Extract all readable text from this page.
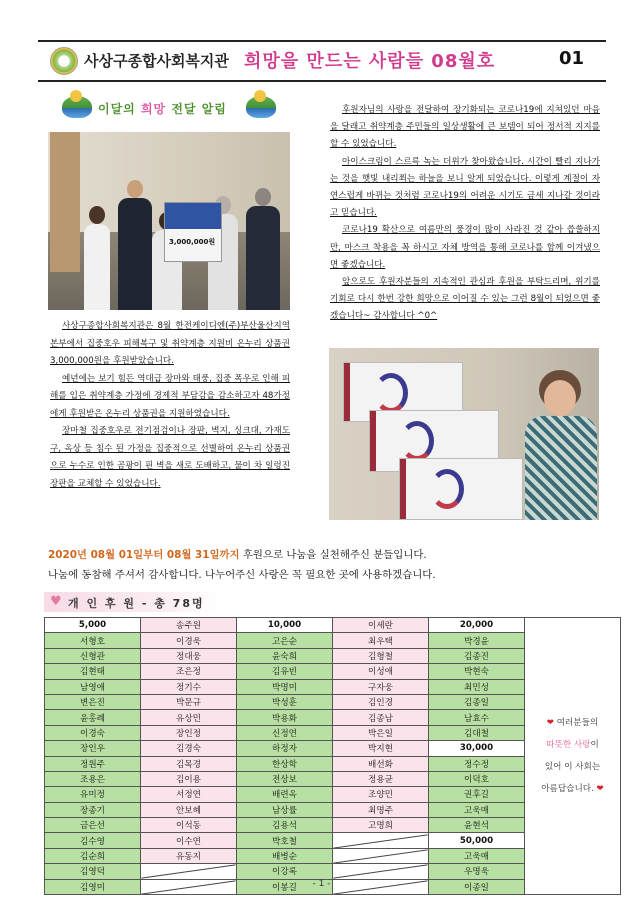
사상구종합사회복지관 희망을 만드는 사람들 08월호	01
이달의 희망 전달 알림
3,000,000원

사상구종합사회복지관은 8월 한전케이디엔(주)부산울산지역본부에서 집중호우 피해복구 및 취약계층 지원비 온누리 상품권 3,000,000원을 후원받았습니다.

예년에는 보기 힘든 역대급 장마와 태풍, 집중 폭우로 인해 피해를 입은 취약계층 가정에 경제적 부담감을 감소하고자 48가정에게 후원받은 온누리 상품권을 지원하였습니다.

장마철 집중호우로 전기점검이나 장판, 벽지, 싱크대, 가재도구, 옥상 등 침수 된 가정을 집중적으로 선별하여 온누리 상품권으로 누수로 인한 곰팡이 핀 벽을 새로 도배하고, 물이 차 일렁진 장판을 교체할 수 있었습니다.

후원자님의 사랑을 전달하여 장기화되는 코로나19에 지쳐있던 마음을 달래고 취약계층 주민들의 일상생활에 큰 보템이 되어 정서적 지지를 할 수 있었습니다.

아이스크림이 스르륵 녹는 더위가 찾아왔습니다. 시간이 빨리 지나가는 것을 햇빛 내리쬐는 하늘을 보니 알게 되었습니다. 이렇게 계절이 자연스럽게 바뀌는 것처럼 코로나19의 어려운 시기도 금세 지나갈 것이라고 믿습니다.

코로나19 확산으로 여름만의 풍경이 많이 사라진 것 같아 씁쓸하지만, 마스크 착용을 꼭 하시고 자체 방역을 통해 코로나를 함께 이겨냈으면 좋겠습니다.

앞으로도 후원자분들의 지속적인 관심과 후원을 부탁드리며, 위기를 기회로 다시 한번 강한 희망으로 이어질 수 있는 그런 8월이 되었으면 좋겠습니다~ 감사합니다 ^0^

2020년 08월 01일부터 08월 31일까지 후원으로 나눔을 실천해주신 분들입니다.
나눔에 동참해 주셔서 감사합니다. 나누어주신 사랑은 꼭 필요한 곳에 사용하겠습니다.
♥ 개 인 후 원 - 총 78명
5,000	송주원	10,000	이세란	20,000	❤ 여러분들의
따뜻한 사랑이
있어 이 사회는
아름답습니다. ❤
서형호	이경욱	고은순	최우택	박경윤	
신형관	정대웅	윤숙희	김형철	김종진	
김현태	조은정	김유빈	이성애	박현숙	
남영애	정기수	박명미	구자웅	최민성	
변은진	박문규	박성훈	김인경	김종일	
윤홍례	유상민	박용화	김종남	남효수	
이경숙	장인정	신정연	박은일	김대철	
장인우	김경숙	하정자	박지현	30,000	
정원주	김목경	한상학	배선화	정수정	
조용은	김이용	전상보	정용균	이덕호	
유미정	서정연	배련옥	조양민	권후길	
장종기	안보혜	남상률	최명주	고욱매	
금은선	이석동	김용석	고명희	윤현석	
김수영	이수연	박호철		50,000	
김순희	유동지	배병순		고욱매	
김영덕		이강록		우명욱	
김영미		이봉길		이종일	
- 1 -
